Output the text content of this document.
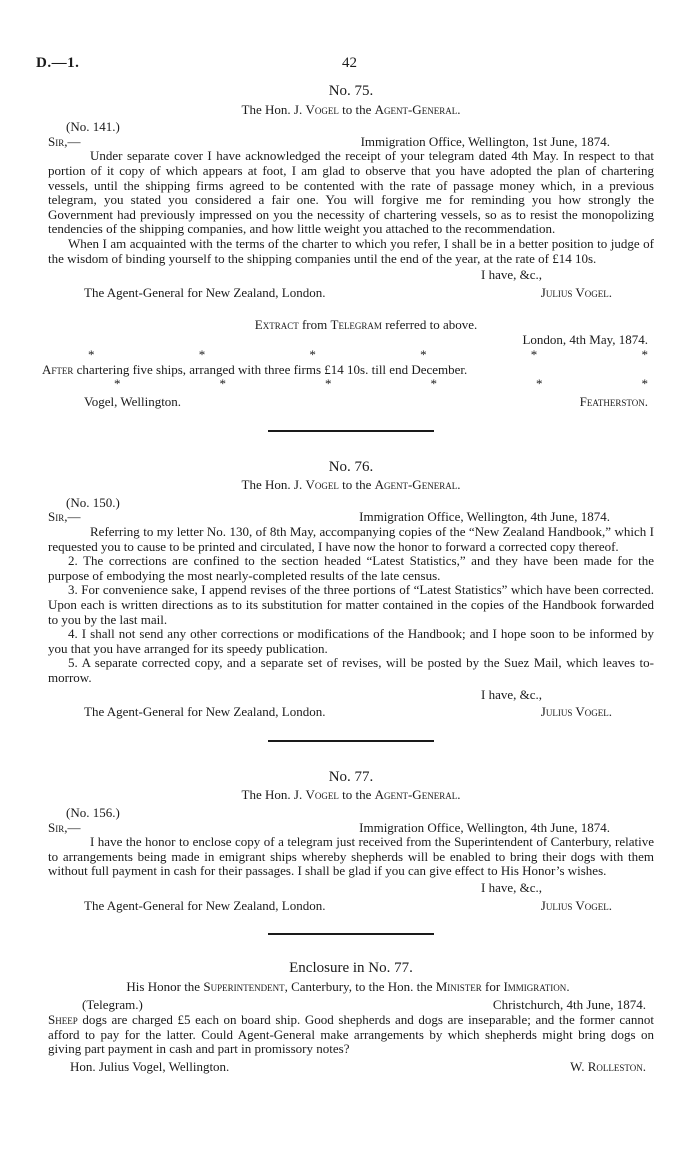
D.—1.	42
No. 75.
The Hon. J. Vogel to the Agent-General.
(No. 141.)
Sir,—	Immigration Office, Wellington, 1st June, 1874.

Under separate cover I have acknowledged the receipt of your telegram dated 4th May. In respect to that portion of it copy of which appears at foot, I am glad to observe that you have adopted the plan of chartering vessels, until the shipping firms agreed to be contented with the rate of passage money which, in a previous telegram, you stated you considered a fair one. You will forgive me for reminding you how strongly the Government had previously impressed on you the necessity of chartering vessels, so as to resist the monopolizing tendencies of the shipping companies, and how little weight you attached to the recommendation.

When I am acquainted with the terms of the charter to which you refer, I shall be in a better position to judge of the wisdom of binding yourself to the shipping companies until the end of the year, at the rate of £14 10s.

I have, &c.,
The Agent-General for New Zealand, London.	Julius Vogel.
Extract from Telegram referred to above.
London, 4th May, 1874.
*	*	*	*	*	*

After chartering five ships, arranged with three firms £14 10s. till end December.

*	*	*	*	*	*
Vogel, Wellington.	Featherston.
No. 76.
The Hon. J. Vogel to the Agent-General.
(No. 150.)
Sir,—	Immigration Office, Wellington, 4th June, 1874.

Referring to my letter No. 130, of 8th May, accompanying copies of the “New Zealand Handbook,” which I requested you to cause to be printed and circulated, I have now the honor to forward a corrected copy thereof.

2. The corrections are confined to the section headed “Latest Statistics,” and they have been made for the purpose of embodying the most nearly-completed results of the late census.

3. For convenience sake, I append revises of the three portions of “Latest Statistics” which have been corrected. Upon each is written directions as to its substitution for matter contained in the copies of the Handbook forwarded to you by the last mail.

4. I shall not send any other corrections or modifications of the Handbook; and I hope soon to be informed by you that you have arranged for its speedy publication.

5. A separate corrected copy, and a separate set of revises, will be posted by the Suez Mail, which leaves to-morrow.

I have, &c.,
The Agent-General for New Zealand, London.	Julius Vogel.
No. 77.
The Hon. J. Vogel to the Agent-General.
(No. 156.)
Sir,—	Immigration Office, Wellington, 4th June, 1874.

I have the honor to enclose copy of a telegram just received from the Superintendent of Canterbury, relative to arrangements being made in emigrant ships whereby shepherds will be enabled to bring their dogs with them without full payment in cash for their passages. I shall be glad if you can give effect to His Honor’s wishes.

I have, &c.,
The Agent-General for New Zealand, London.	Julius Vogel.
Enclosure in No. 77.
His Honor the Superintendent, Canterbury, to the Hon. the Minister for Immigration.
(Telegram.)	Christchurch, 4th June, 1874.

Sheep dogs are charged £5 each on board ship. Good shepherds and dogs are inseparable; and the former cannot afford to pay for the latter. Could Agent-General make arrangements by which shepherds might bring dogs on giving part payment in cash and part in promissory notes?

Hon. Julius Vogel, Wellington.	W. Rolleston.
